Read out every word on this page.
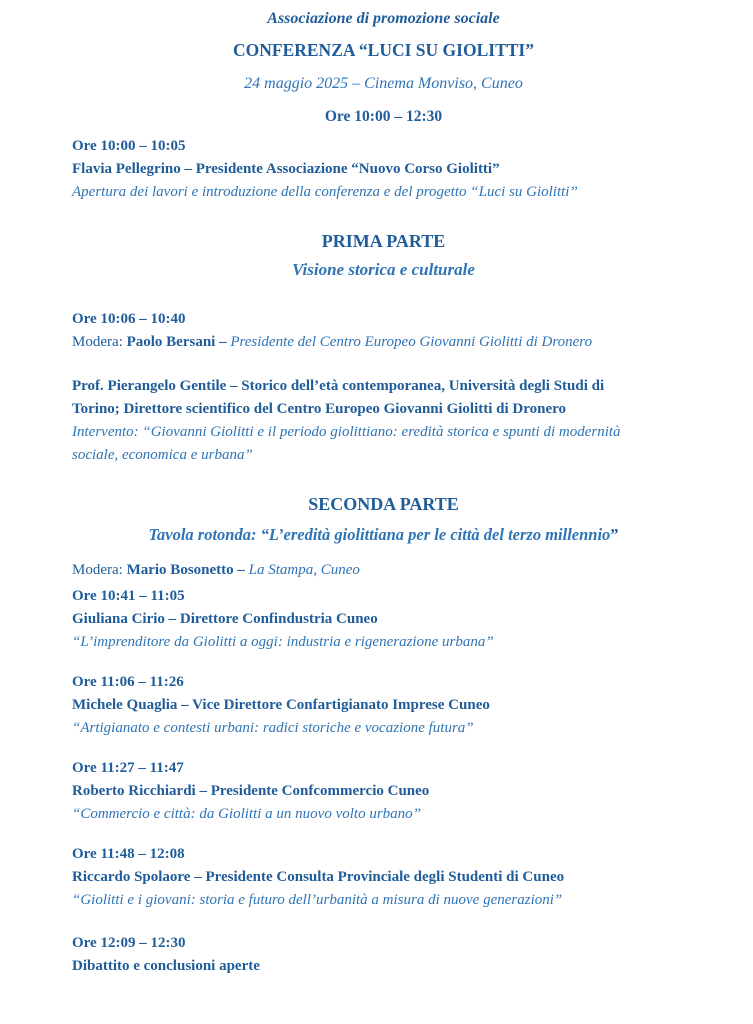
Associazione di promozione sociale
CONFERENZA “LUCI SU GIOLITTI”
24 maggio 2025 – Cinema Monviso, Cuneo
Ore 10:00 – 12:30
Ore 10:00 – 10:05
Flavia Pellegrino – Presidente Associazione “Nuovo Corso Giolitti”
Apertura dei lavori e introduzione della conferenza e del progetto “Luci su Giolitti”
PRIMA PARTE
Visione storica e culturale
Ore 10:06 – 10:40
Modera: Paolo Bersani – Presidente del Centro Europeo Giovanni Giolitti di Dronero
Prof. Pierangelo Gentile – Storico dell’età contemporanea, Università degli Studi di
Torino; Direttore scientifico del Centro Europeo Giovanni Giolitti di Dronero
Intervento: “Giovanni Giolitti e il periodo giolittiano: eredità storica e spunti di modernità
sociale, economica e urbana”
SECONDA PARTE
Tavola rotonda: “L’eredità giolittiana per le città del terzo millennio”
Modera: Mario Bosonetto – La Stampa, Cuneo
Ore 10:41 – 11:05
Giuliana Cirio – Direttore Confindustria Cuneo
“L’imprenditore da Giolitti a oggi: industria e rigenerazione urbana”
Ore 11:06 – 11:26
Michele Quaglia – Vice Direttore Confartigianato Imprese Cuneo
“Artigianato e contesti urbani: radici storiche e vocazione futura”
Ore 11:27 – 11:47
Roberto Ricchiardi – Presidente Confcommercio Cuneo
“Commercio e città: da Giolitti a un nuovo volto urbano”
Ore 11:48 – 12:08
Riccardo Spolaore – Presidente Consulta Provinciale degli Studenti di Cuneo
“Giolitti e i giovani: storia e futuro dell’urbanità a misura di nuove generazioni”
Ore 12:09 – 12:30
Dibattito e conclusioni aperte
